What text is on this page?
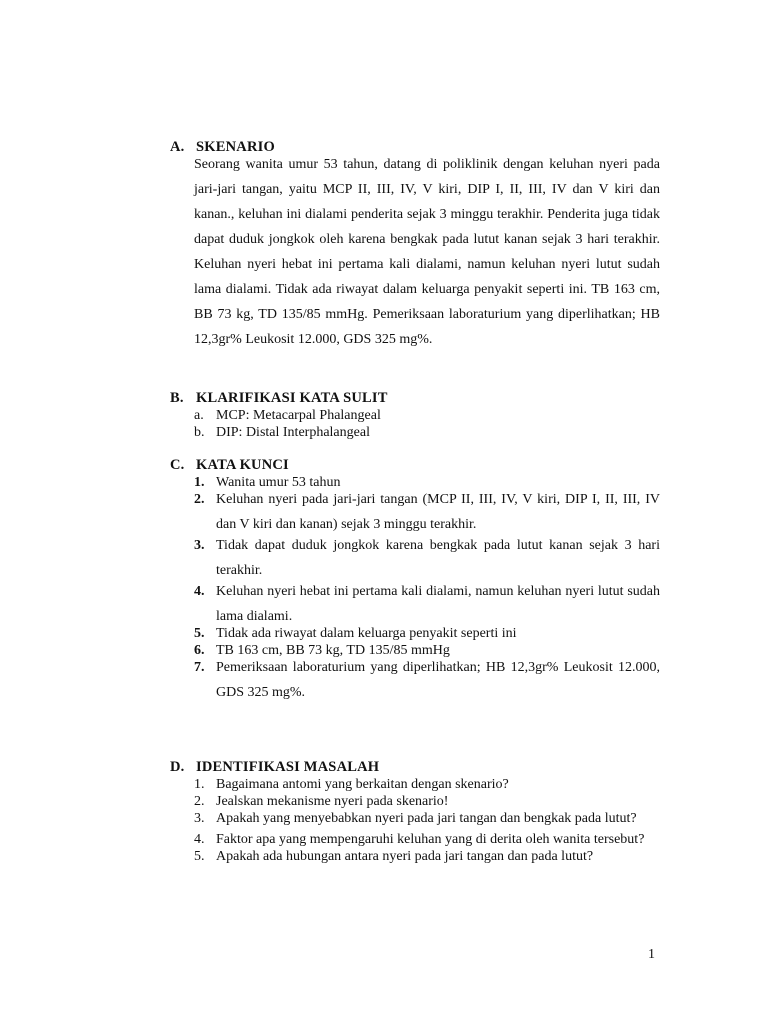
A. SKENARIO
Seorang wanita umur 53 tahun, datang di poliklinik dengan keluhan nyeri pada jari-jari tangan, yaitu MCP II, III, IV, V kiri, DIP I, II, III, IV dan V kiri dan kanan., keluhan ini dialami penderita sejak 3 minggu terakhir. Penderita juga tidak dapat duduk jongkok oleh karena bengkak pada lutut kanan sejak 3 hari terakhir. Keluhan nyeri hebat ini pertama kali dialami, namun keluhan nyeri lutut sudah lama dialami. Tidak ada riwayat dalam keluarga penyakit seperti ini. TB 163 cm, BB 73 kg, TD 135/85 mmHg. Pemeriksaan laboraturium yang diperlihatkan; HB 12,3gr% Leukosit 12.000, GDS 325 mg%.
B. KLARIFIKASI KATA SULIT
a. MCP: Metacarpal Phalangeal
b. DIP: Distal Interphalangeal
C. KATA KUNCI
1. Wanita umur 53 tahun
2. Keluhan nyeri pada jari-jari tangan (MCP II, III, IV, V kiri, DIP I, II, III, IV dan V kiri dan kanan) sejak 3 minggu terakhir.
3. Tidak dapat duduk jongkok karena bengkak pada lutut kanan sejak 3 hari terakhir.
4. Keluhan nyeri hebat ini pertama kali dialami, namun keluhan nyeri lutut sudah lama dialami.
5. Tidak ada riwayat dalam keluarga penyakit seperti ini
6. TB 163 cm, BB 73 kg, TD 135/85 mmHg
7. Pemeriksaan laboraturium yang diperlihatkan; HB 12,3gr% Leukosit 12.000, GDS 325 mg%.
D. IDENTIFIKASI MASALAH
1. Bagaimana antomi yang berkaitan dengan skenario?
2. Jealskan mekanisme nyeri pada skenario!
3. Apakah yang menyebabkan nyeri pada jari tangan dan bengkak pada lutut?
4. Faktor apa yang mempengaruhi keluhan yang di derita oleh wanita tersebut?
5. Apakah ada hubungan antara nyeri pada jari tangan dan pada lutut?
1
